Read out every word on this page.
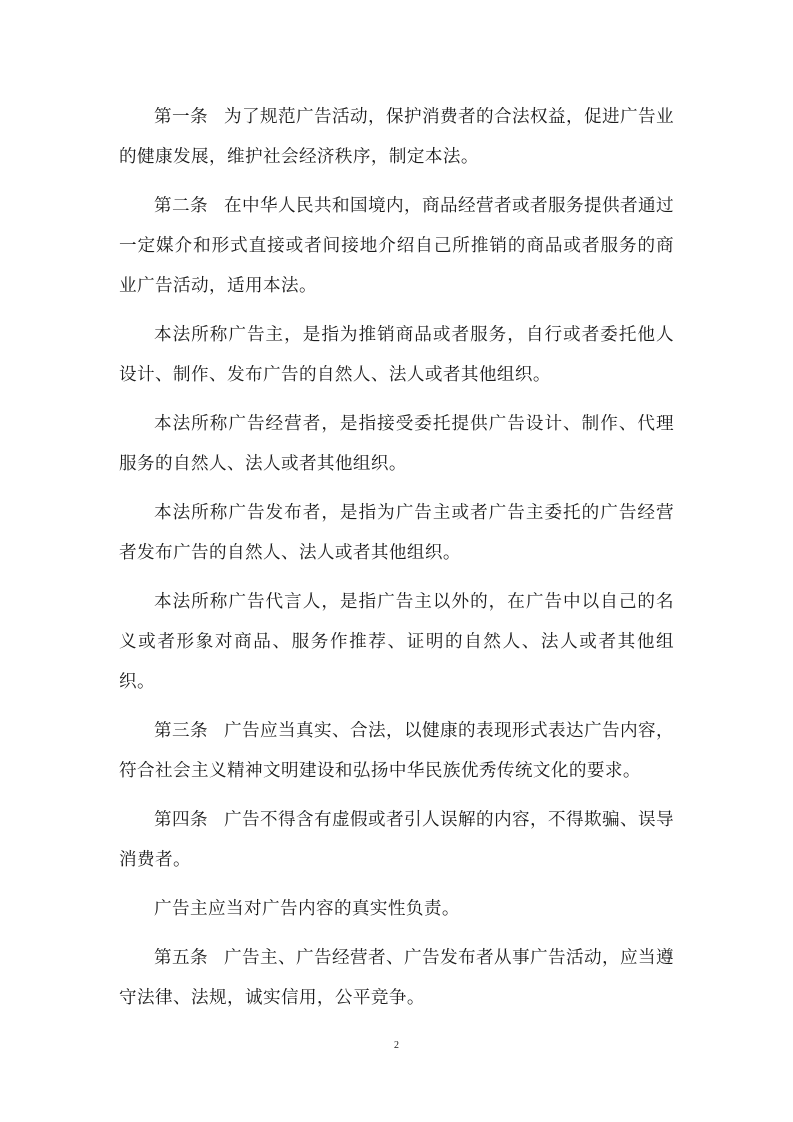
第一条 为了规范广告活动，保护消费者的合法权益，促进广告业的健康发展，维护社会经济秩序，制定本法。

第二条 在中华人民共和国境内，商品经营者或者服务提供者通过一定媒介和形式直接或者间接地介绍自己所推销的商品或者服务的商业广告活动，适用本法。

本法所称广告主，是指为推销商品或者服务，自行或者委托他人设计、制作、发布广告的自然人、法人或者其他组织。

本法所称广告经营者，是指接受委托提供广告设计、制作、代理服务的自然人、法人或者其他组织。

本法所称广告发布者，是指为广告主或者广告主委托的广告经营者发布广告的自然人、法人或者其他组织。

本法所称广告代言人，是指广告主以外的，在广告中以自己的名义或者形象对商品、服务作推荐、证明的自然人、法人或者其他组织。

第三条 广告应当真实、合法，以健康的表现形式表达广告内容，符合社会主义精神文明建设和弘扬中华民族优秀传统文化的要求。

第四条 广告不得含有虚假或者引人误解的内容，不得欺骗、误导消费者。

广告主应当对广告内容的真实性负责。

第五条 广告主、广告经营者、广告发布者从事广告活动，应当遵守法律、法规，诚实信用，公平竞争。

2
